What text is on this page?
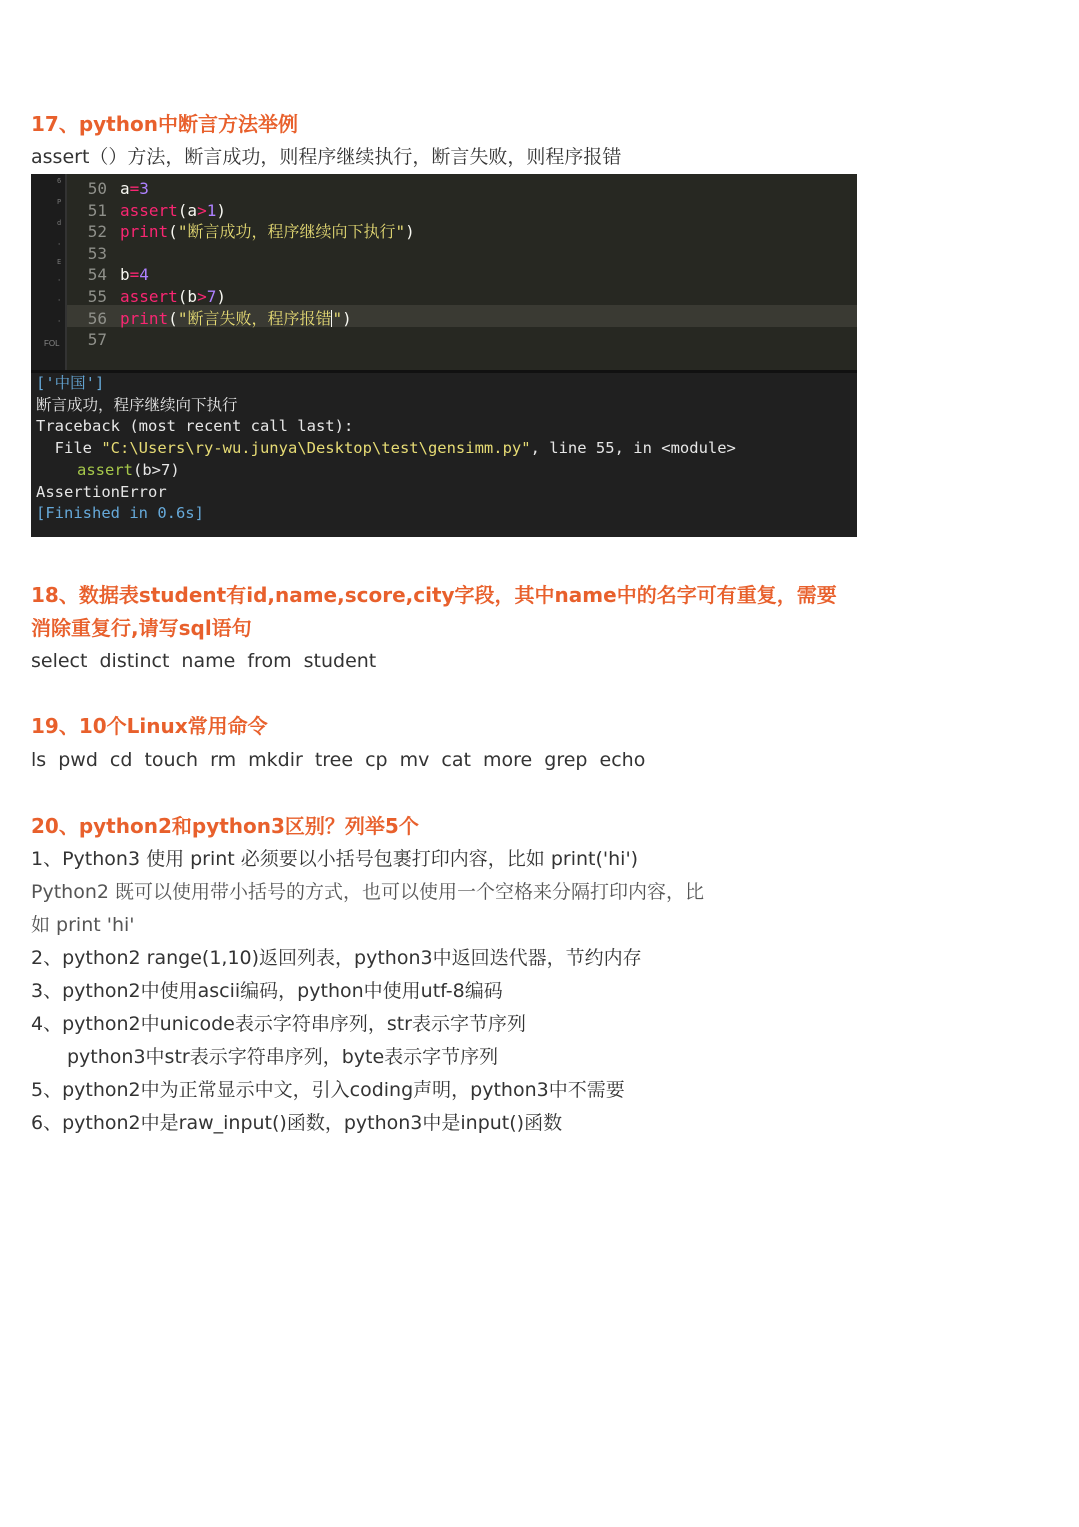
17、python中断言方法举例

assert（）方法，断言成功，则程序继续执行，断言失败，则程序报错

6
P
d
'
E
'
'
'
FOL
50
51
52
53
54
55
56
57
a=3
assert(a>1)
print("断言成功，程序继续向下执行")
b=4
assert(b>7)
print("断言失败，程序报错")
['中国']
断言成功，程序继续向下执行
Traceback (most recent call last):
File "C:\Users\ry-wu.junya\Desktop\test\gensimm.py", line 55, in <module>
assert(b>7)
AssertionError
[Finished in 0.6s]
18、数据表student有id,name,score,city字段，其中name中的名字可有重复，需要
消除重复行,请写sql语句

select distinct name from student

19、10个Linux常用命令

ls pwd cd touch rm mkdir tree cp mv cat more grep echo

20、python2和python3区别？列举5个

1、Python3 使用 print 必须要以小括号包裹打印内容，比如 print('hi')

Python2 既可以使用带小括号的方式，也可以使用一个空格来分隔打印内容，比

如 print 'hi'

2、python2 range(1,10)返回列表，python3中返回迭代器，节约内存

3、python2中使用ascii编码，python中使用utf-8编码

4、python2中unicode表示字符串序列，str表示字节序列

python3中str表示字符串序列，byte表示字节序列

5、python2中为正常显示中文，引入coding声明，python3中不需要

6、python2中是raw_input()函数，python3中是input()函数
